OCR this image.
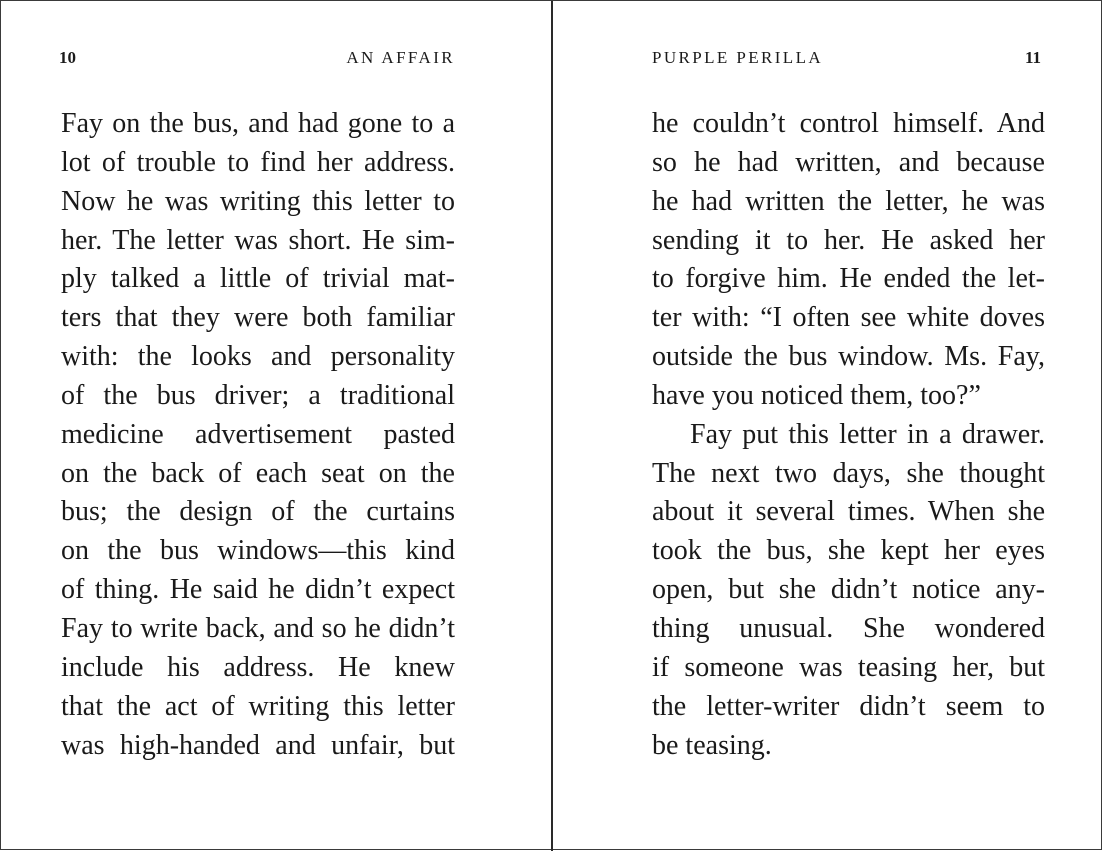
10	AN AFFAIR
Fay on the bus, and had gone to a
lot of trouble to find her address.
Now he was writing this letter to
her. The letter was short. He sim-
ply talked a little of trivial mat-
ters that they were both familiar
with: the looks and personality
of the bus driver; a traditional
medicine advertisement pasted
on the back of each seat on the
bus; the design of the curtains
on the bus windows—this kind
of thing. He said he didn’t expect
Fay to write back, and so he didn’t
include his address. He knew
that the act of writing this letter
was high-handed and unfair, but
PURPLE PERILLA	11
he couldn’t control himself. And
so he had written, and because
he had written the letter, he was
sending it to her. He asked her
to forgive him. He ended the let-
ter with: “I often see white doves
outside the bus window. Ms. Fay,
have you noticed them, too?”
Fay put this letter in a drawer.
The next two days, she thought
about it several times. When she
took the bus, she kept her eyes
open, but she didn’t notice any-
thing unusual. She wondered
if someone was teasing her, but
the letter-writer didn’t seem to
be teasing.
